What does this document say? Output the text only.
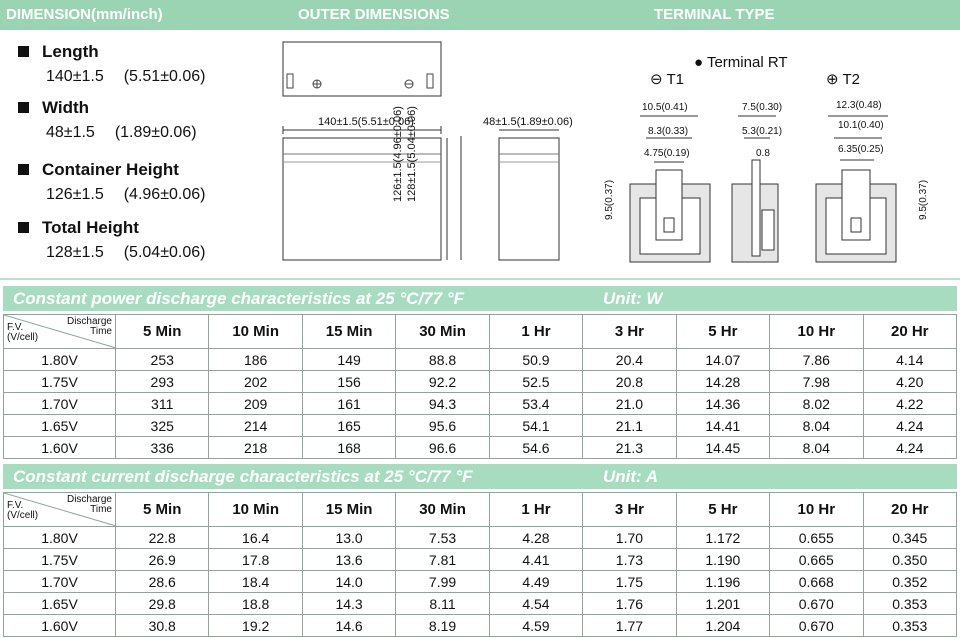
DIMENSION(mm/inch)	OUTER DIMENSIONS	TERMINAL TYPE
Length
140±1.5 (5.51±0.06)
Width
48±1.5 (1.89±0.06)
Container Height
126±1.5 (4.96±0.06)
Total Height
128±1.5 (5.04±0.06)
140±1.5(5.51±0.06)	48±1.5(1.89±0.06)
126±1.5(4.96±0.06) 128±1.5(5.04±0.06)
● Terminal RT
⊖ T1	⊕ T2
10.5(0.41)
8.3(0.33)
4.75(0.19)
7.5(0.30)
5.3(0.21)
0.8
12.3(0.48)
10.1(0.40)
6.35(0.25)
9.5(0.37)	9.5(0.37)
Constant power discharge characteristics at 25 °C/77 °F	Unit: W
F.V.
(V/cell)
Discharge
Time	5 Min	10 Min	15 Min	30 Min	1 Hr	3 Hr	5 Hr	10 Hr	20 Hr
1.80V	253	186	149	88.8	50.9	20.4	14.07	7.86	4.14
1.75V	293	202	156	92.2	52.5	20.8	14.28	7.98	4.20
1.70V	311	209	161	94.3	53.4	21.0	14.36	8.02	4.22
1.65V	325	214	165	95.6	54.1	21.1	14.41	8.04	4.24
1.60V	336	218	168	96.6	54.6	21.3	14.45	8.04	4.24
Constant current discharge characteristics at 25 °C/77 °F	Unit: A
F.V.
(V/cell)
Discharge
Time	5 Min	10 Min	15 Min	30 Min	1 Hr	3 Hr	5 Hr	10 Hr	20 Hr
1.80V	22.8	16.4	13.0	7.53	4.28	1.70	1.172	0.655	0.345
1.75V	26.9	17.8	13.6	7.81	4.41	1.73	1.190	0.665	0.350
1.70V	28.6	18.4	14.0	7.99	4.49	1.75	1.196	0.668	0.352
1.65V	29.8	18.8	14.3	8.11	4.54	1.76	1.201	0.670	0.353
1.60V	30.8	19.2	14.6	8.19	4.59	1.77	1.204	0.670	0.353
